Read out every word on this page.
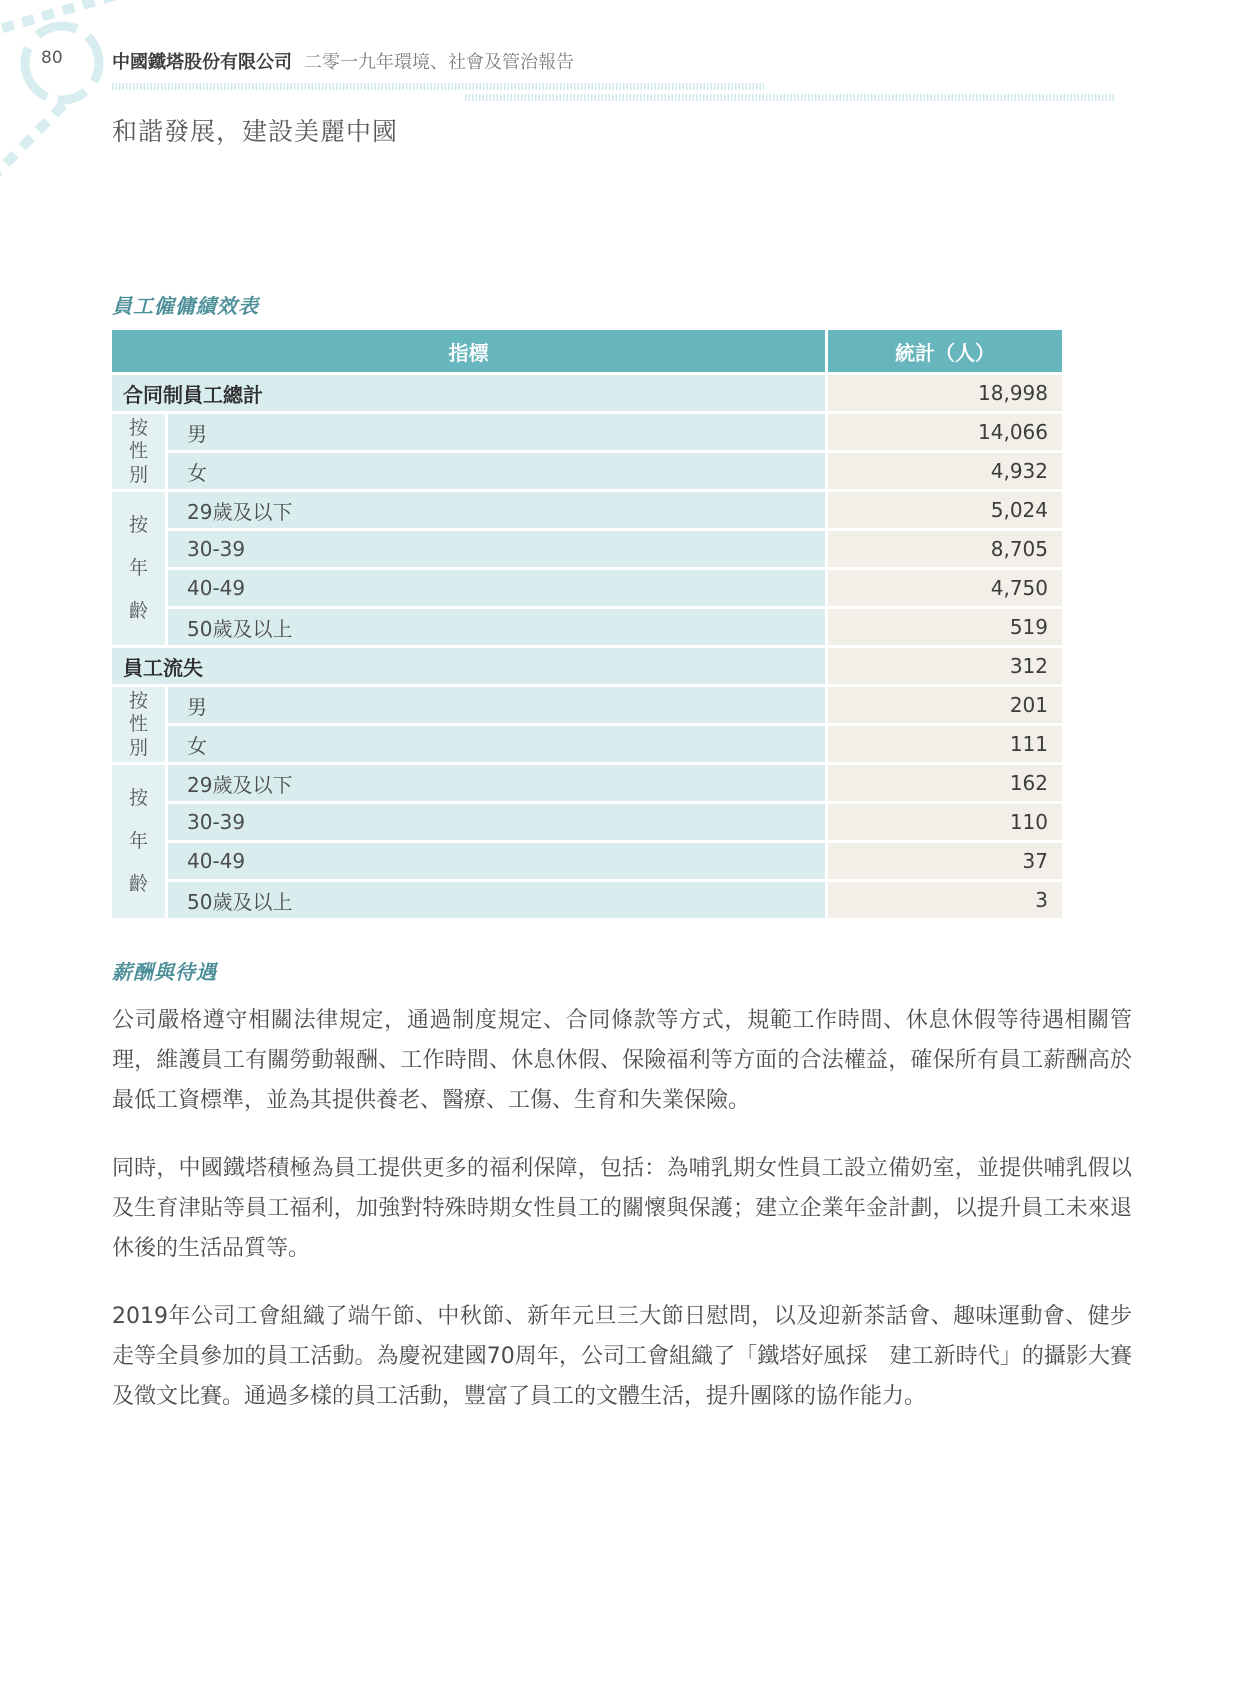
80	中國鐵塔股份有限公司 二零一九年環境、社會及管治報告
和諧發展，建設美麗中國
員工僱傭績效表
指標	統計（人）
合同制員工總計	18,998
按
性
別
男	14,066
女	4,932
按
年
齡
29歲及以下	5,024
30-39	8,705
40-49	4,750
50歲及以上	519
員工流失	312
按
性
別
男	201
女	111
按
年
齡
29歲及以下	162
30-39	110
40-49	37
50歲及以上	3
薪酬與待遇

公司嚴格遵守相關法律規定，通過制度規定、合同條款等方式，規範工作時間、休息休假等待遇相關管理，維護員工有關勞動報酬、工作時間、休息休假、保險福利等方面的合法權益，確保所有員工薪酬高於最低工資標準，並為其提供養老、醫療、工傷、生育和失業保險。

同時，中國鐵塔積極為員工提供更多的福利保障，包括：為哺乳期女性員工設立備奶室，並提供哺乳假以及生育津貼等員工福利，加強對特殊時期女性員工的關懷與保護；建立企業年金計劃，以提升員工未來退休後的生活品質等。

2019年公司工會組織了端午節、中秋節、新年元旦三大節日慰問，以及迎新茶話會、趣味運動會、健步走等全員參加的員工活動。為慶祝建國70周年，公司工會組織了「鐵塔好風採　建工新時代」的攝影大賽及徵文比賽。通過多樣的員工活動，豐富了員工的文體生活，提升團隊的協作能力。
